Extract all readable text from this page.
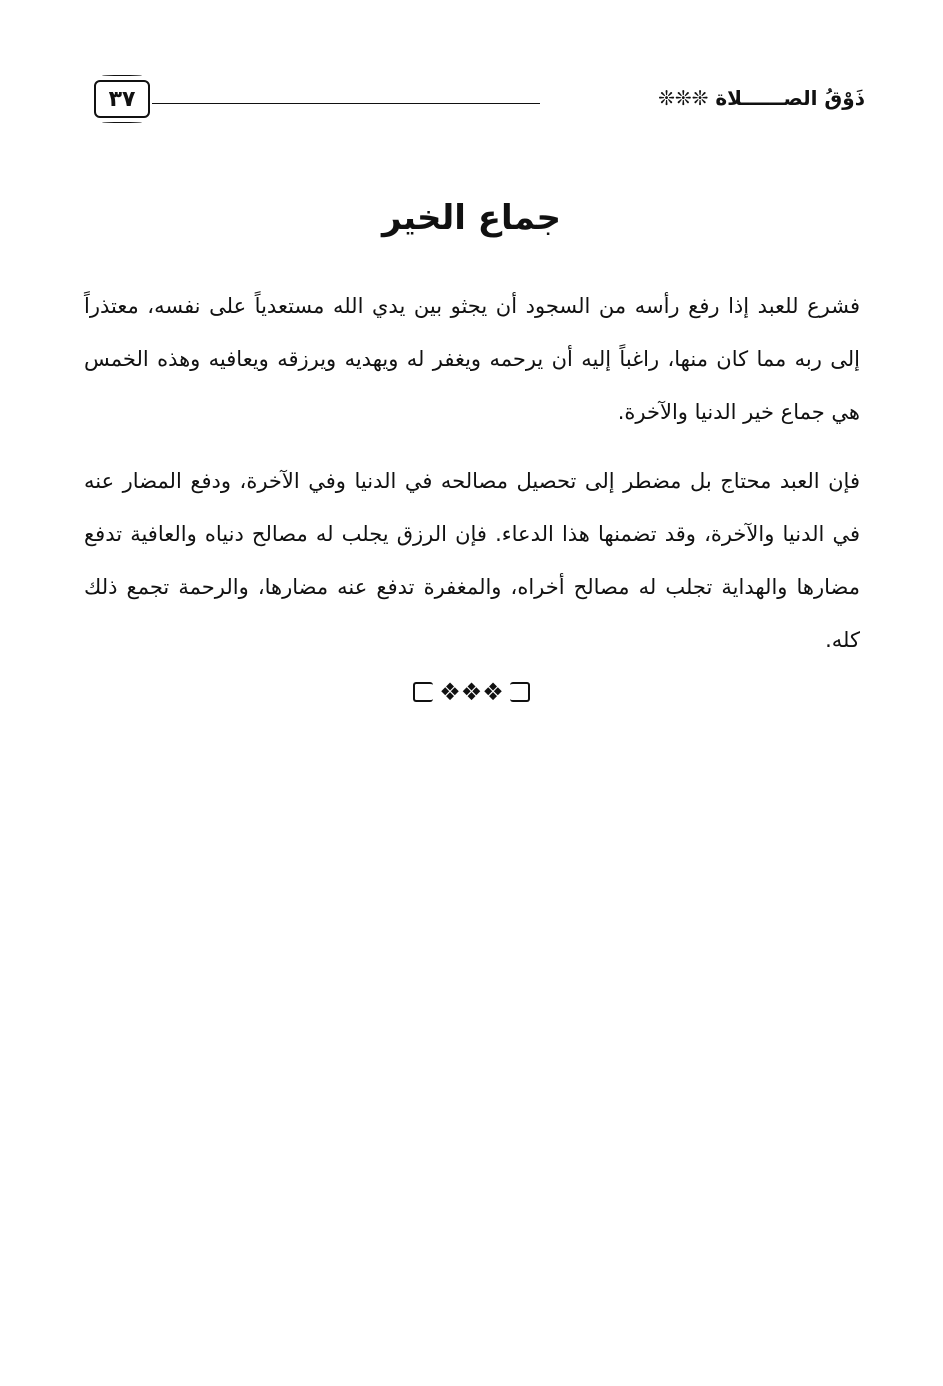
٣٧	ذَوْقُ الصــــــلاة ❊❊❊
جماع الخير
فشرع للعبد إذا رفع رأسه من السجود أن يجثو بين يدي الله مستعدياً على نفسه، معتذراً إلى ربه مما كان منها، راغباً إليه أن يرحمه ويغفر له ويهديه ويرزقه ويعافيه وهذه الخمس هي جماع خير الدنيا والآخرة.
فإن العبد محتاج بل مضطر إلى تحصيل مصالحه في الدنيا وفي الآخرة، ودفع المضار عنه في الدنيا والآخرة، وقد تضمنها هذا الدعاء. فإن الرزق يجلب له مصالح دنياه والعافية تدفع مضارها والهداية تجلب له مصالح أخراه، والمغفرة تدفع عنه مضارها، والرحمة تجمع ذلك كله.
❖❖❖
